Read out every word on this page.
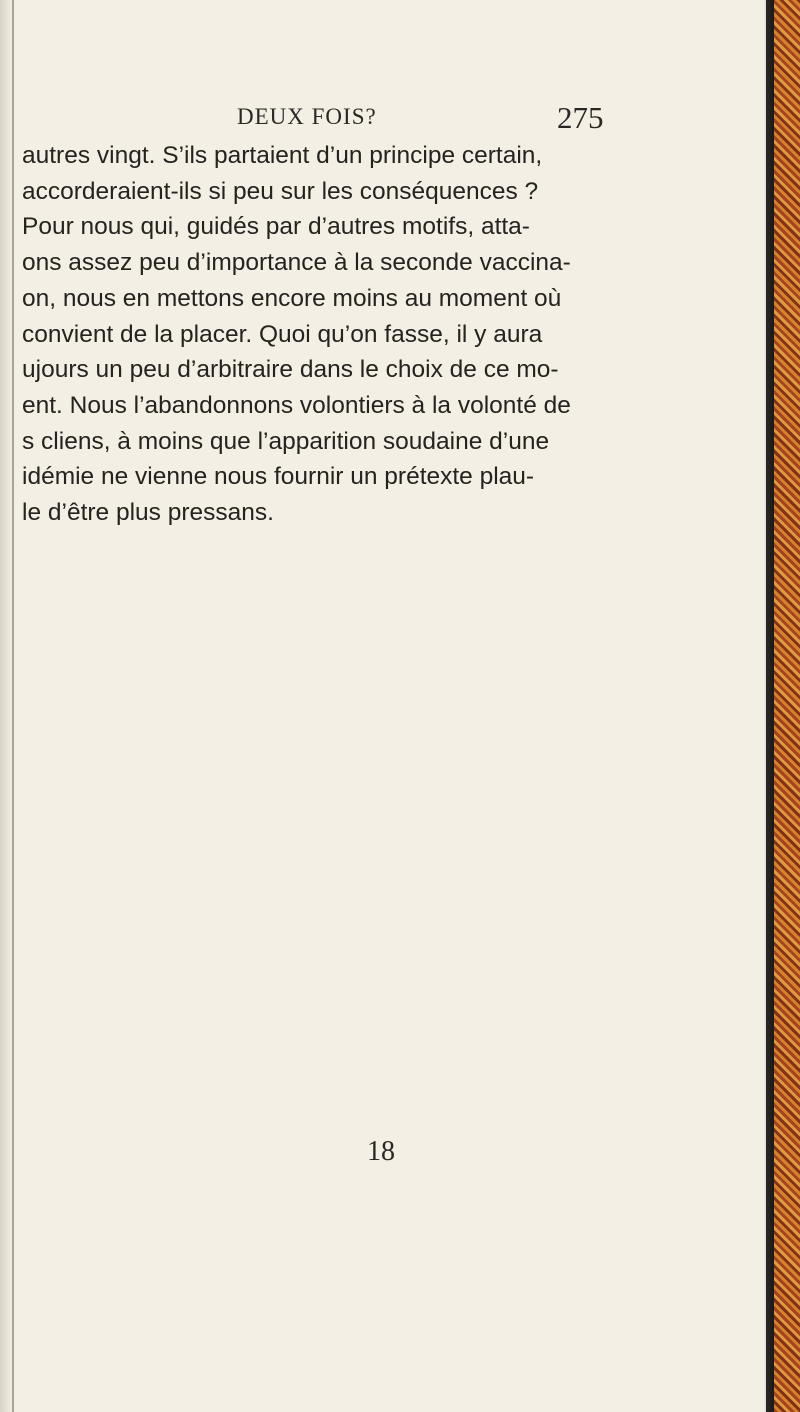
DEUX FOIS?	275
autres vingt. S’ils partaient d’un principe certain,
accorderaient-ils si peu sur les conséquences ?
Pour nous qui, guidés par d’autres motifs, atta-
ons assez peu d’importance à la seconde vaccina-
on, nous en mettons encore moins au moment où
convient de la placer. Quoi qu’on fasse, il y aura
ujours un peu d’arbitraire dans le choix de ce mo-
ent. Nous l’abandonnons volontiers à la volonté de
s cliens, à moins que l’apparition soudaine d’une
idémie ne vienne nous fournir un prétexte plau-
le d’être plus pressans.
18
